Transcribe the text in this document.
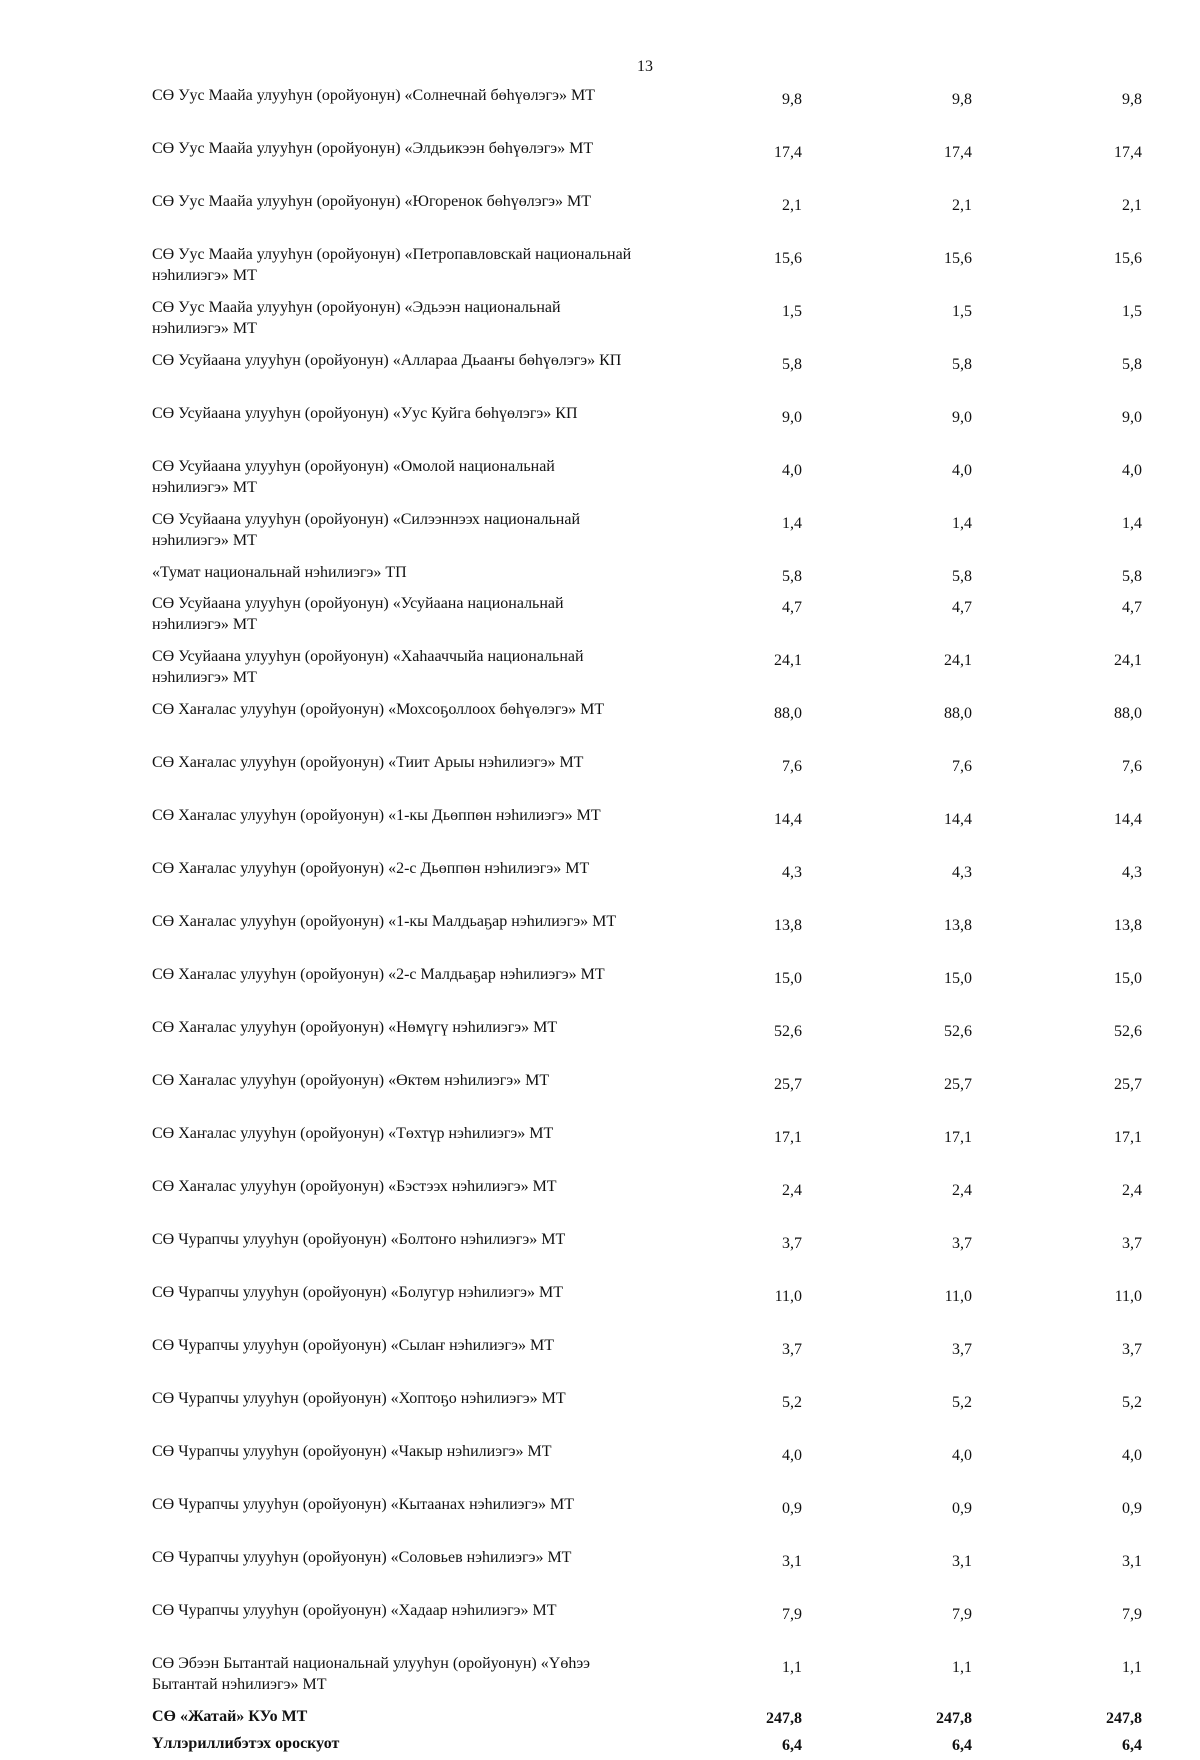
13
СӨ Уус Маайа улууһун (оройуонун) «Солнечнай бөһүөлэгэ» МТ	9,8	9,8	9,8
СӨ Уус Маайа улууһун (оройуонун) «Элдьикээн бөһүөлэгэ» МТ	17,4	17,4	17,4
СӨ Уус Маайа улууһун (оройуонун) «Югоренок бөһүөлэгэ» МТ	2,1	2,1	2,1
СӨ Уус Маайа улууһун (оройуонун) «Петропавловскай национальнай нэһилиэгэ» МТ	15,6	15,6	15,6
СӨ Уус Маайа улууһун (оройуонун) «Эдьээн национальнай нэһилиэгэ» МТ	1,5	1,5	1,5
СӨ Усуйаана улууһун (оройуонун) «Аллараа Дьааҥы бөһүөлэгэ» КП	5,8	5,8	5,8
СӨ Усуйаана улууһун (оройуонун) «Уус Куйга бөһүөлэгэ» КП	9,0	9,0	9,0
СӨ Усуйаана улууһун (оройуонун) «Омолой национальнай нэһилиэгэ» МТ	4,0	4,0	4,0
СӨ Усуйаана улууһун (оройуонун) «Силээннээх национальнай нэһилиэгэ» МТ	1,4	1,4	1,4
«Тумат национальнай нэһилиэгэ» ТП	5,8	5,8	5,8
СӨ Усуйаана улууһун (оройуонун) «Усуйаана национальнай нэһилиэгэ» МТ	4,7	4,7	4,7
СӨ Усуйаана улууһун (оройуонун) «Хаһааччыйа национальнай нэһилиэгэ» МТ	24,1	24,1	24,1
СӨ Хаҥалас улууһун (оройуонун) «Мохсоҕоллоох бөһүөлэгэ» МТ	88,0	88,0	88,0
СӨ Хаҥалас улууһун (оройуонун) «Тиит Арыы нэһилиэгэ» МТ	7,6	7,6	7,6
СӨ Хаҥалас улууһун (оройуонун) «1-кы Дьөппөн нэһилиэгэ» МТ	14,4	14,4	14,4
СӨ Хаҥалас улууһун (оройуонун) «2-с Дьөппөн нэһилиэгэ» МТ	4,3	4,3	4,3
СӨ Хаҥалас улууһун (оройуонун) «1-кы Малдьаҕар нэһилиэгэ» МТ	13,8	13,8	13,8
СӨ Хаҥалас улууһун (оройуонун) «2-с Малдьаҕар нэһилиэгэ» МТ	15,0	15,0	15,0
СӨ Хаҥалас улууһун (оройуонун) «Нөмүгү нэһилиэгэ» МТ	52,6	52,6	52,6
СӨ Хаҥалас улууһун (оройуонун) «Өктөм нэһилиэгэ» МТ	25,7	25,7	25,7
СӨ Хаҥалас улууһун (оройуонун) «Төхтүр нэһилиэгэ» МТ	17,1	17,1	17,1
СӨ Хаҥалас улууһун (оройуонун) «Бэстээх нэһилиэгэ» МТ	2,4	2,4	2,4
СӨ Чурапчы улууһун (оройуонун) «Болтоҥо нэһилиэгэ» МТ	3,7	3,7	3,7
СӨ Чурапчы улууһун (оройуонун) «Болугур нэһилиэгэ» МТ	11,0	11,0	11,0
СӨ Чурапчы улууһун (оройуонун) «Сылаҥ нэһилиэгэ» МТ	3,7	3,7	3,7
СӨ Чурапчы улууһун (оройуонун) «Хоптоҕо нэһилиэгэ» МТ	5,2	5,2	5,2
СӨ Чурапчы улууһун (оройуонун) «Чакыр нэһилиэгэ» МТ	4,0	4,0	4,0
СӨ Чурапчы улууһун (оройуонун) «Кытаанах нэһилиэгэ» МТ	0,9	0,9	0,9
СӨ Чурапчы улууһун (оройуонун) «Соловьев нэһилиэгэ» МТ	3,1	3,1	3,1
СӨ Чурапчы улууһун (оройуонун) «Хадаар нэһилиэгэ» МТ	7,9	7,9	7,9
СӨ Эбээн Бытантай национальнай улууһун (оройуонун) «Үөһээ Бытантай нэһилиэгэ» МТ	1,1	1,1	1,1
СӨ «Жатай» КУо МТ	247,8	247,8	247,8
Үллэриллибэтэх ороскуот	6,4	6,4	6,4
